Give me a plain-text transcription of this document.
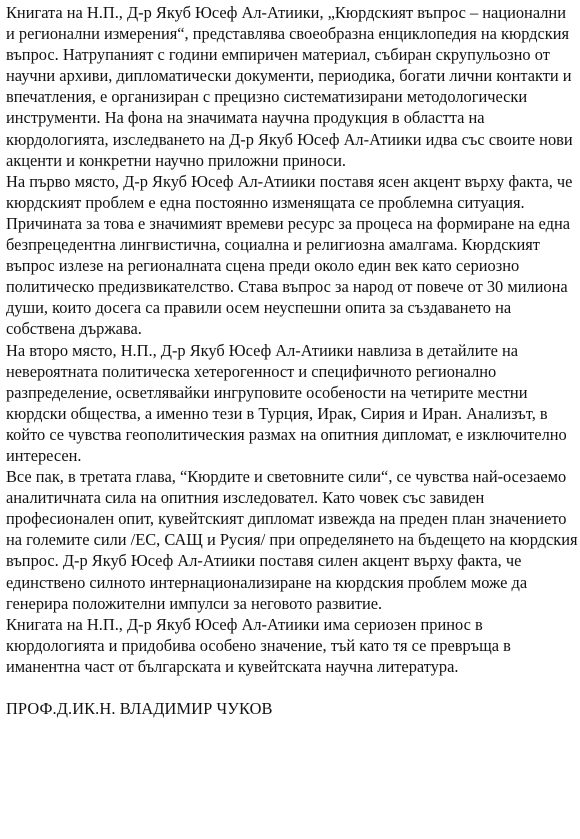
Книгата на Н.П., Д-р Якуб Юсеф Ал-Атиики, „Кюрдският въпрос – национални и регионални измерения“, представлява своеобразна енциклопедия на кюрдския въпрос. Натрупаният с години емпиричен материал, събиран скрупульозно от научни архиви, дипломатически документи, периодика, богати лични контакти и впечатления, е организиран с прецизно систематизирани методологически инструменти. На фона на значимата научна продукция в областта на кюрдологията, изследването на Д-р Якуб Юсеф Ал-Атиики идва със своите нови акценти и конкретни научно приложни приноси.

На първо място, Д-р Якуб Юсеф Ал-Атиики поставя ясен акцент върху факта, че кюрдският проблем е една постоянно изменящата се проблемна ситуация. Причината за това е значимият времеви ресурс за процеса на формиране на една безпрецедентна лингвистична, социална и религиозна амалгама. Кюрдският въпрос излезе на регионалната сцена преди около един век като сериозно политическо предизвикателство. Става въпрос за народ от повече от 30 милиона души, които досега са правили осем неуспешни опита за създаването на собствена държава.

На второ място, Н.П., Д-р Якуб Юсеф Ал-Атиики навлиза в детайлите на невероятната политическа хетерогенност и специфичното регионално разпределение, осветлявайки ингруповите особености на четирите местни кюрдски общества, а именно тези в Турция, Ирак, Сирия и Иран. Анализът, в който се чувства геополитическия размах на опитния дипломат, е изключително интересен.

Все пак, в третата глава, “Кюрдите и световните сили“, се чувства най-осезаемо аналитичната сила на опитния изследовател. Като човек със завиден професионален опит, кувейтският дипломат извежда на преден план значението на големите сили /ЕС, САЩ и Русия/ при определянето на бъдещето на кюрдския въпрос. Д-р Якуб Юсеф Ал-Атиики поставя силен акцент върху факта, че единствено силното интернационализиране на кюрдския проблем може да генерира положителни импулси за неговото развитие.

Книгата на Н.П., Д-р Якуб Юсеф Ал-Атиики има сериозен принос в кюрдологията и придобива особено значение, тъй като тя се превръща в иманентна част от българската и кувейтската научна литература.

ПРОФ.Д.ИК.Н. ВЛАДИМИР ЧУКОВ
